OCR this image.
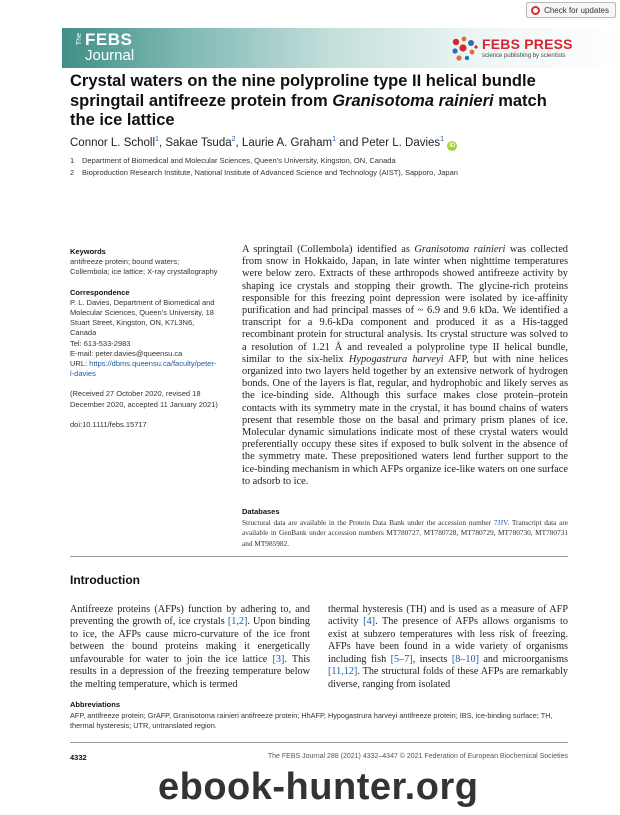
Check for updates
The FEBS
Journal
FEBS PRESS
science publishing by scientists
Crystal waters on the nine polyproline type II helical bundle springtail antifreeze protein from Granisotoma rainieri match the ice lattice
Connor L. Scholl$^1$, Sakae Tsuda$^2$, Laurie A. Graham$^1$ and Peter L. Davies$^1$
iD
1 Department of Biomedical and Molecular Sciences, Queen’s University, Kingston, ON, Canada
2 Bioproduction Research Institute, National Institute of Advanced Science and Technology (AIST), Sapporo, Japan

Keywords

antifreeze protein; bound waters;

Collembola; ice lattice; X-ray crystallography

Correspondence

P. L. Davies, Department of Biomedical and

Molecular Sciences, Queen’s University, 18

Stuart Street, Kingston, ON, K7L3N6,

Canada

Tel: 613-533-2983

E-mail: peter.davies@queensu.ca

URL: https://dbms.queensu.ca/faculty/peter-

l-davies

(Received 27 October 2020, revised 18

December 2020, accepted 11 January 2021)

doi:10.1111/febs.15717

A springtail (Collembola) identified as Granisotoma rainieri was collected from snow in Hokkaido, Japan, in late winter when nighttime temperatures were below zero. Extracts of these arthropods showed antifreeze activity by shaping ice crystals and stopping their growth. The glycine-rich proteins responsible for this freezing point depression were isolated by ice-affinity purification and had principal masses of ~ 6.9 and 9.6 kDa. We identified a transcript for a 9.6-kDa component and produced it as a His-tagged recombinant protein for structural analysis. Its crystal structure was solved to a resolution of 1.21 Å and revealed a polyproline type II helical bundle, similar to the six-helix Hypogastrura harveyi AFP, but with nine helices organized into two layers held together by an extensive network of hydrogen bonds. One of the layers is flat, regular, and hydrophobic and likely serves as the ice-binding side. Although this surface makes close protein–protein contacts with its symmetry mate in the crystal, it has bound chains of waters present that resemble those on the basal and primary prism planes of ice. Molecular dynamic simulations indicate most of these crystal waters would preferentially occupy these sites if exposed to bulk solvent in the absence of the symmetry mate. These prepositioned waters lend further support to the ice-binding mechanism in which AFPs organize ice-like waters on one surface to adsorb to ice.

Databases

Structural data are available in the Protein Data Bank under the accession number 7JJV. Transcript data are available in GenBank under accession numbers MT780727, MT780728, MT780729, MT780730, MT780731 and MT985982.

Introduction

Antifreeze proteins (AFPs) function by adhering to, and preventing the growth of, ice crystals [1,2]. Upon binding to ice, the AFPs cause micro-curvature of the ice front between the bound proteins making it energetically unfavourable for water to join the ice lattice [3]. This results in a depression of the freezing temperature below the melting temperature, which is termed

thermal hysteresis (TH) and is used as a measure of AFP activity [4]. The presence of AFPs allows organisms to exist at subzero temperatures with less risk of freezing. AFPs have been found in a wide variety of organisms including fish [5–7], insects [8–10] and microorganisms [11,12]. The structural folds of these AFPs are remarkably diverse, ranging from isolated

Abbreviations

AFP, antifreeze protein; GrAFP, Granisotoma rainieri antifreeze protein; HhAFP, Hypogastrura harveyi antifreeze protein; IBS, ice-binding surface; TH, thermal hysteresis; UTR, untranslated region.

4332	The FEBS Journal 288 (2021) 4332–4347 © 2021 Federation of European Biochemical Societies
ebook-hunter.org
